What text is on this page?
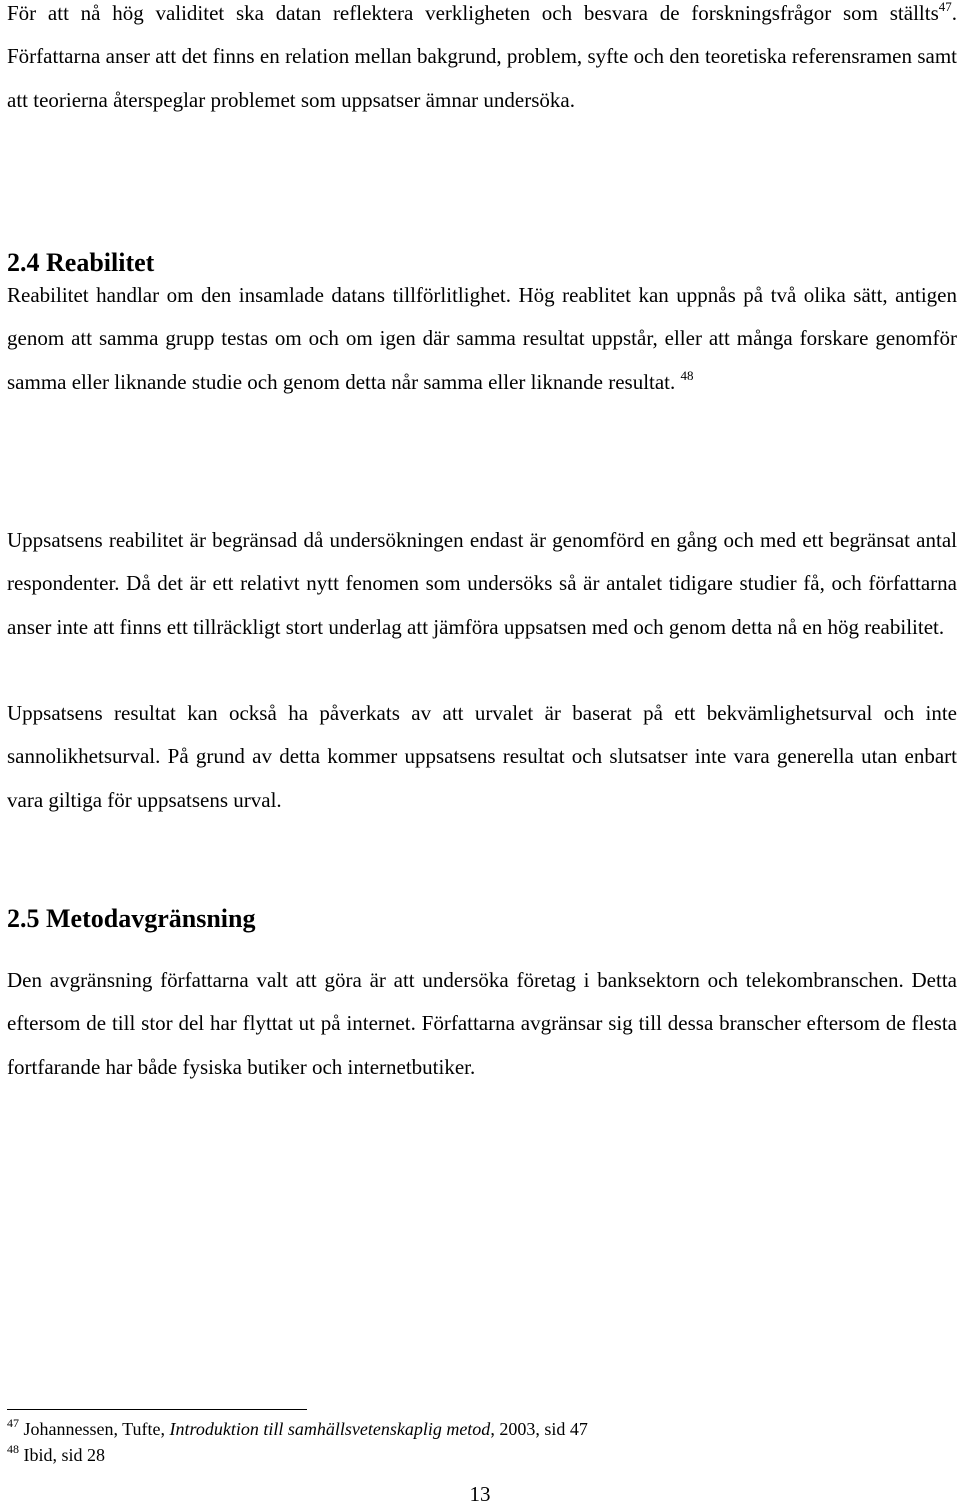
För att nå hög validitet ska datan reflektera verkligheten och besvara de forskningsfrågor som ställts$^{47}$. Författarna anser att det finns en relation mellan bakgrund, problem, syfte och den teoretiska referensramen samt att teorierna återspeglar problemet som uppsatser ämnar undersöka.

2.4 Reabilitet

Reabilitet handlar om den insamlade datans tillförlitlighet. Hög reablitet kan uppnås på två olika sätt, antigen genom att samma grupp testas om och om igen där samma resultat uppstår, eller att många forskare genomför samma eller liknande studie och genom detta når samma eller liknande resultat. $^{48}$

Uppsatsens reabilitet är begränsad då undersökningen endast är genomförd en gång och med ett begränsat antal respondenter. Då det är ett relativt nytt fenomen som undersöks så är antalet tidigare studier få, och författarna anser inte att finns ett tillräckligt stort underlag att jämföra uppsatsen med och genom detta nå en hög reabilitet.

Uppsatsens resultat kan också ha påverkats av att urvalet är baserat på ett bekvämlighetsurval och inte sannolikhetsurval. På grund av detta kommer uppsatsens resultat och slutsatser inte vara generella utan enbart vara giltiga för uppsatsens urval.

2.5 Metodavgränsning

Den avgränsning författarna valt att göra är att undersöka företag i banksektorn och telekombranschen. Detta eftersom de till stor del har flyttat ut på internet. Författarna avgränsar sig till dessa branscher eftersom de flesta fortfarande har både fysiska butiker och internetbutiker.

$^{47}$ Johannessen, Tufte, Introduktion till samhällsvetenskaplig metod, 2003, sid 47

$^{48}$ Ibid, sid 28

13
